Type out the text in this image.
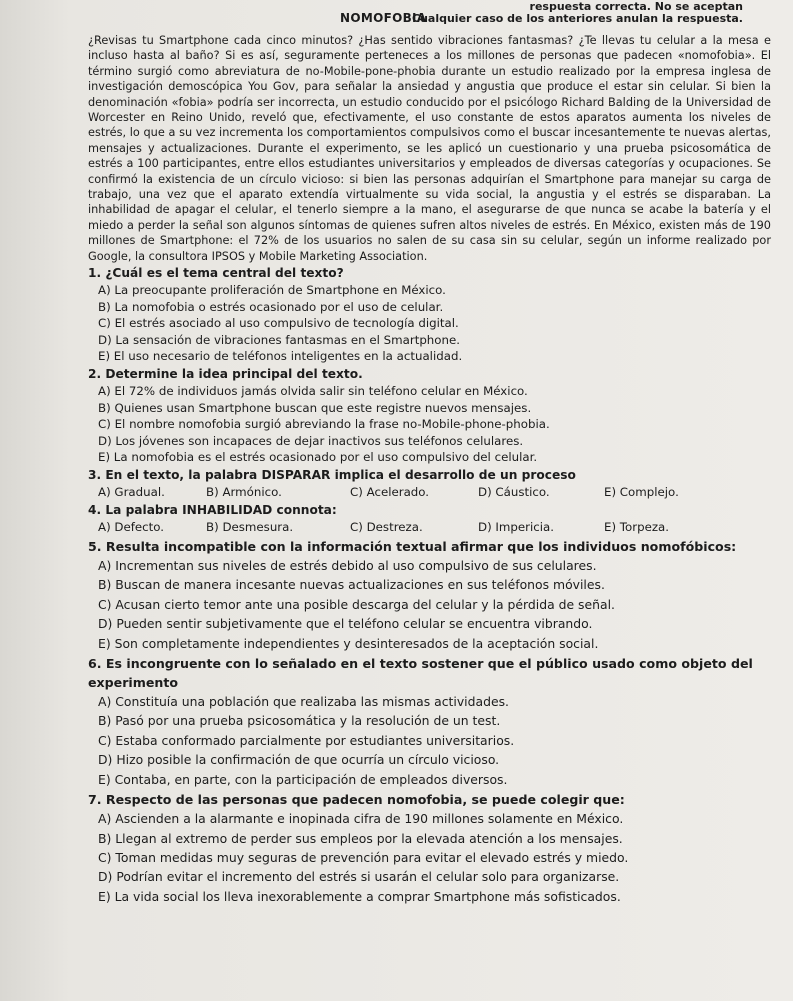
respuesta correcta. No se aceptan
Cualquier caso de los anteriores anulan la respuesta.
NOMOFOBIA
¿Revisas tu Smartphone cada cinco minutos? ¿Has sentido vibraciones fantasmas? ¿Te llevas tu celular a la mesa e incluso hasta al baño? Si es así, seguramente perteneces a los millones de personas que padecen «nomofobia». El término surgió como abreviatura de no-Mobile-pone-phobia durante un estudio realizado por la empresa inglesa de investigación demoscópica You Gov, para señalar la ansiedad y angustia que produce el estar sin celular. Si bien la denominación «fobia» podría ser incorrecta, un estudio conducido por el psicólogo Richard Balding de la Universidad de Worcester en Reino Unido, reveló que, efectivamente, el uso constante de estos aparatos aumenta los niveles de estrés, lo que a su vez incrementa los comportamientos compulsivos como el buscar incesantemente te nuevas alertas, mensajes y actualizaciones. Durante el experimento, se les aplicó un cuestionario y una prueba psicosomática de estrés a 100 participantes, entre ellos estudiantes universitarios y empleados de diversas categorías y ocupaciones. Se confirmó la existencia de un círculo vicioso: si bien las personas adquirían el Smartphone para manejar su carga de trabajo, una vez que el aparato extendía virtualmente su vida social, la angustia y el estrés se disparaban. La inhabilidad de apagar el celular, el tenerlo siempre a la mano, el asegurarse de que nunca se acabe la batería y el miedo a perder la señal son algunos síntomas de quienes sufren altos niveles de estrés. En México, existen más de 190 millones de Smartphone: el 72% de los usuarios no salen de su casa sin su celular, según un informe realizado por Google, la consultora IPSOS y Mobile Marketing Association.
1. ¿Cuál es el tema central del texto?
A) La preocupante proliferación de Smartphone en México.
B) La nomofobia o estrés ocasionado por el uso de celular.
C) El estrés asociado al uso compulsivo de tecnología digital.
D) La sensación de vibraciones fantasmas en el Smartphone.
E) El uso necesario de teléfonos inteligentes en la actualidad.
2. Determine la idea principal del texto.
A) El 72% de individuos jamás olvida salir sin teléfono celular en México.
B) Quienes usan Smartphone buscan que este registre nuevos mensajes.
C) El nombre nomofobia surgió abreviando la frase no-Mobile-phone-phobia.
D) Los jóvenes son incapaces de dejar inactivos sus teléfonos celulares.
E) La nomofobia es el estrés ocasionado por el uso compulsivo del celular.
3. En el texto, la palabra DISPARAR implica el desarrollo de un proceso
A) Gradual.	B) Armónico.	C) Acelerado.	D) Cáustico.	E) Complejo.
4. La palabra INHABILIDAD connota:
A) Defecto.	B) Desmesura.	C) Destreza.	D) Impericia.	E) Torpeza.
5. Resulta incompatible con la información textual afirmar que los individuos nomofóbicos:
A) Incrementan sus niveles de estrés debido al uso compulsivo de sus celulares.
B) Buscan de manera incesante nuevas actualizaciones en sus teléfonos móviles.
C) Acusan cierto temor ante una posible descarga del celular y la pérdida de señal.
D) Pueden sentir subjetivamente que el teléfono celular se encuentra vibrando.
E) Son completamente independientes y desinteresados de la aceptación social.
6. Es incongruente con lo señalado en el texto sostener que el público usado como objeto del experimento
A) Constituía una población que realizaba las mismas actividades.
B) Pasó por una prueba psicosomática y la resolución de un test.
C) Estaba conformado parcialmente por estudiantes universitarios.
D) Hizo posible la confirmación de que ocurría un círculo vicioso.
E) Contaba, en parte, con la participación de empleados diversos.
7. Respecto de las personas que padecen nomofobia, se puede colegir que:
A) Ascienden a la alarmante e inopinada cifra de 190 millones solamente en México.
B) Llegan al extremo de perder sus empleos por la elevada atención a los mensajes.
C) Toman medidas muy seguras de prevención para evitar el elevado estrés y miedo.
D) Podrían evitar el incremento del estrés si usarán el celular solo para organizarse.
E) La vida social los lleva inexorablemente a comprar Smartphone más sofisticados.
